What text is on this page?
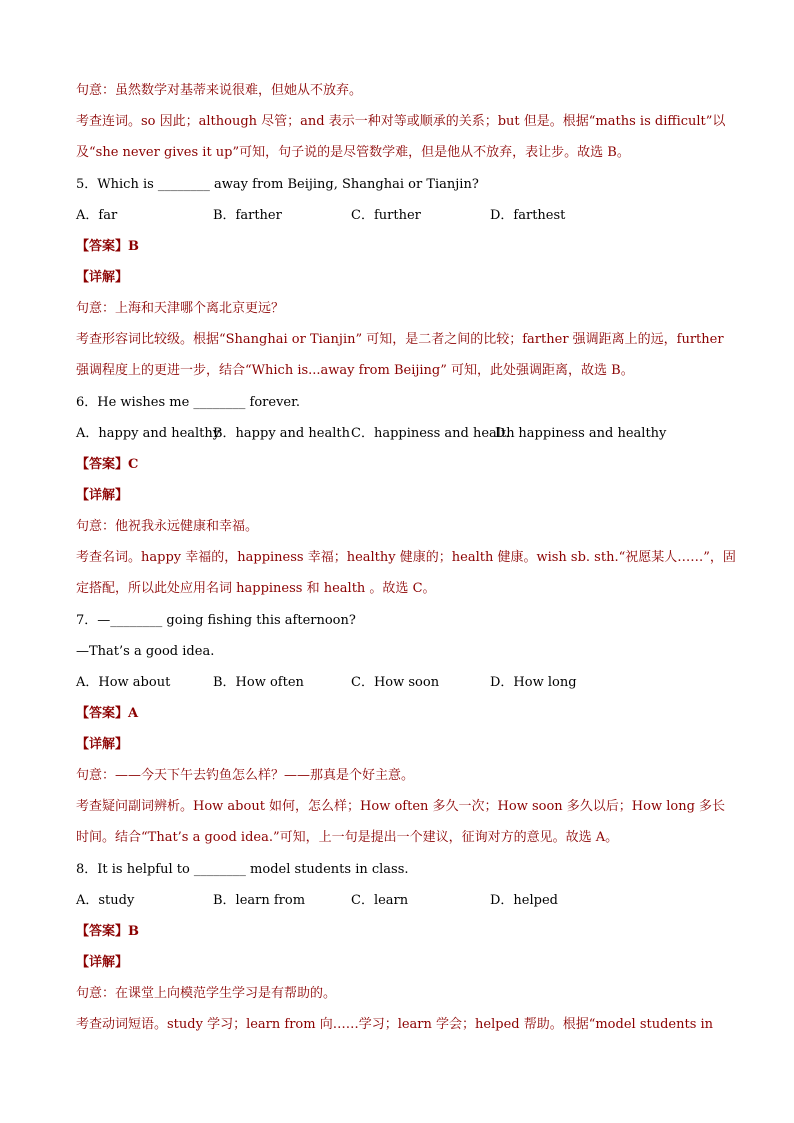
句意：虽然数学对基蒂来说很难，但她从不放弃。
考查连词。so 因此；although 尽管；and 表示一种对等或顺承的关系；but 但是。根据“maths is difficult”以
及“she never gives it up”可知，句子说的是尽管数学难，但是他从不放弃，表让步。故选 B。
5．Which is ________ away from Beijing, Shanghai or Tianjin?
A．far	B．farther	C．further	D．farthest
【答案】B
【详解】
句意：上海和天津哪个离北京更远？
考查形容词比较级。根据“Shanghai or Tianjin” 可知，是二者之间的比较；farther 强调距离上的远，further
强调程度上的更进一步，结合“Which is...away from Beijing” 可知，此处强调距离，故选 B。
6．He wishes me ________ forever.
A．happy and healthy
B．happy and health C．happiness and health
D．happiness and healthy
【答案】C
【详解】
句意：他祝我永远健康和幸福。
考查名词。happy 幸福的，happiness 幸福；healthy 健康的；health 健康。wish sb. sth.“祝愿某人……”，固
定搭配，所以此处应用名词 happiness 和 health 。故选 C。
7．—________ going fishing this afternoon?
—That’s a good idea.
A．How about	B．How often	C．How soon	D．How long
【答案】A
【详解】
句意：——今天下午去钓鱼怎么样？——那真是个好主意。
考查疑问副词辨析。How about 如何，怎么样；How often 多久一次；How soon 多久以后；How long 多长
时间。结合“That’s a good idea.”可知，上一句是提出一个建议，征询对方的意见。故选 A。
8．It is helpful to ________ model students in class.
A．study	B．learn from	C．learn	D．helped
【答案】B
【详解】
句意：在课堂上向模范学生学习是有帮助的。
考查动词短语。study 学习；learn from 向……学习；learn 学会；helped 帮助。根据“model students in
